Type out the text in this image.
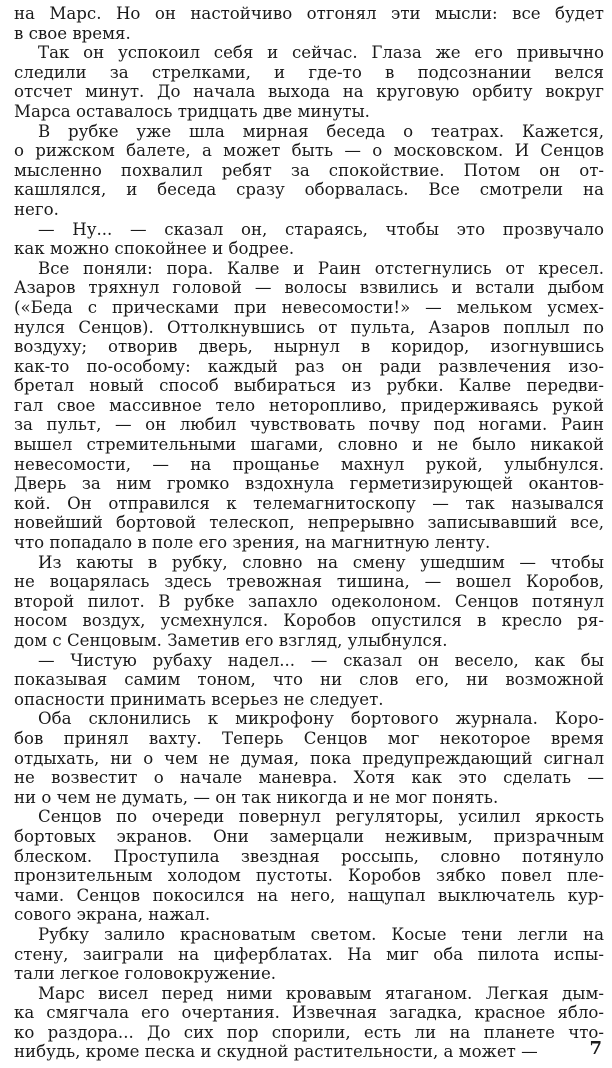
на Марс. Но он настойчиво отгонял эти мысли: все будет
в свое время.
Так он успокоил себя и сейчас. Глаза же его привычно
следили за стрелками, и где-то в подсознании велся
отсчет минут. До начала выхода на круговую орбиту вокруг
Марса оставалось тридцать две минуты.
В рубке уже шла мирная беседа о театрах. Кажется,
о рижском балете, а может быть — о московском. И Сенцов
мысленно похвалил ребят за спокойствие. Потом он от-
кашлялся, и беседа сразу оборвалась. Все смотрели на
него.
— Ну... — сказал он, стараясь, чтобы это прозвучало
как можно спокойнее и бодрее.
Все поняли: пора. Калве и Раин отстегнулись от кресел.
Азаров тряхнул головой — волосы взвились и встали дыбом
(«Беда с прическами при невесомости!» — мельком усмех-
нулся Сенцов). Оттолкнувшись от пульта, Азаров поплыл по
воздуху; отворив дверь, нырнул в коридор, изогнувшись
как-то по-особому: каждый раз он ради развлечения изо-
бретал новый способ выбираться из рубки. Калве передви-
гал свое массивное тело неторопливо, придерживаясь рукой
за пульт, — он любил чувствовать почву под ногами. Раин
вышел стремительными шагами, словно и не было никакой
невесомости, — на прощанье махнул рукой, улыбнулся.
Дверь за ним громко вздохнула герметизирующей окантов-
кой. Он отправился к телемагнитоскопу — так назывался
новейший бортовой телескоп, непрерывно записывавший все,
что попадало в поле его зрения, на магнитную ленту.
Из каюты в рубку, словно на смену ушедшим — чтобы
не воцарялась здесь тревожная тишина, — вошел Коробов,
второй пилот. В рубке запахло одеколоном. Сенцов потянул
носом воздух, усмехнулся. Коробов опустился в кресло ря-
дом с Сенцовым. Заметив его взгляд, улыбнулся.
— Чистую рубаху надел... — сказал он весело, как бы
показывая самим тоном, что ни слов его, ни возможной
опасности принимать всерьез не следует.
Оба склонились к микрофону бортового журнала. Коро-
бов принял вахту. Теперь Сенцов мог некоторое время
отдыхать, ни о чем не думая, пока предупреждающий сигнал
не возвестит о начале маневра. Хотя как это сделать —
ни о чем не думать, — он так никогда и не мог понять.
Сенцов по очереди повернул регуляторы, усилил яркость
бортовых экранов. Они замерцали неживым, призрачным
блеском. Проступила звездная россыпь, словно потянуло
пронзительным холодом пустоты. Коробов зябко повел пле-
чами. Сенцов покосился на него, нащупал выключатель кур-
сового экрана, нажал.
Рубку залило красноватым светом. Косые тени легли на
стену, заиграли на циферблатах. На миг оба пилота испы-
тали легкое головокружение.
Марс висел перед ними кровавым ятаганом. Легкая дым-
ка смягчала его очертания. Извечная загадка, красное ябло-
ко раздора... До сих пор спорили, есть ли на планете что-
нибудь, кроме песка и скудной растительности, а может —	7
